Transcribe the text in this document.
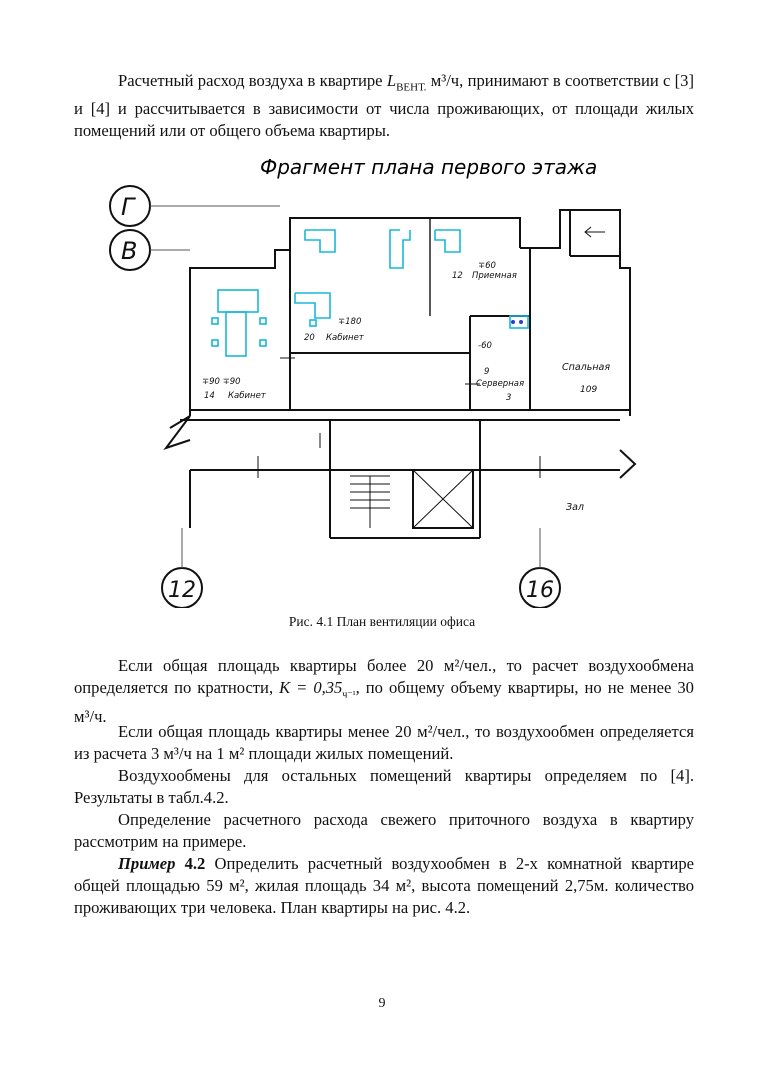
Расчетный расход воздуха в квартире $L_{ВЕНТ.}$ м³/ч, принимают в соответствии с [3] и [4] и рассчитывается в зависимости от числа проживающих, от площади жилых помещений или от общего объема квартиры.

Фрагмент плана первого этажа
∓90 ∓90
14 Кабинет
∓180
20 Кабинет
∓60
12 Приемная
-60
9
Серверная
3
Спальная
109
Зал
Г
В
12	16
Рис. 4.1 План вентиляции офиса

Если общая площадь квартиры более 20 м²/чел., то расчет воздухообмена определяется по кратности, $K = 0,35_{ч^{-1}}$, по общему объему квартиры, но не менее 30 м³/ч.

Если общая площадь квартиры менее 20 м²/чел., то воздухообмен определяется из расчета 3 м³/ч на 1 м² площади жилых помещений.

Воздухообмены для остальных помещений квартиры определяем по [4]. Результаты в табл.4.2.

Определение расчетного расхода свежего приточного воздуха в квартиру рассмотрим на примере.

Пример 4.2 Определить расчетный воздухообмен в 2-х комнатной квартире общей площадью 59 м², жилая площадь 34 м², высота помещений 2,75м. количество проживающих три человека. План квартиры на рис. 4.2.

9
